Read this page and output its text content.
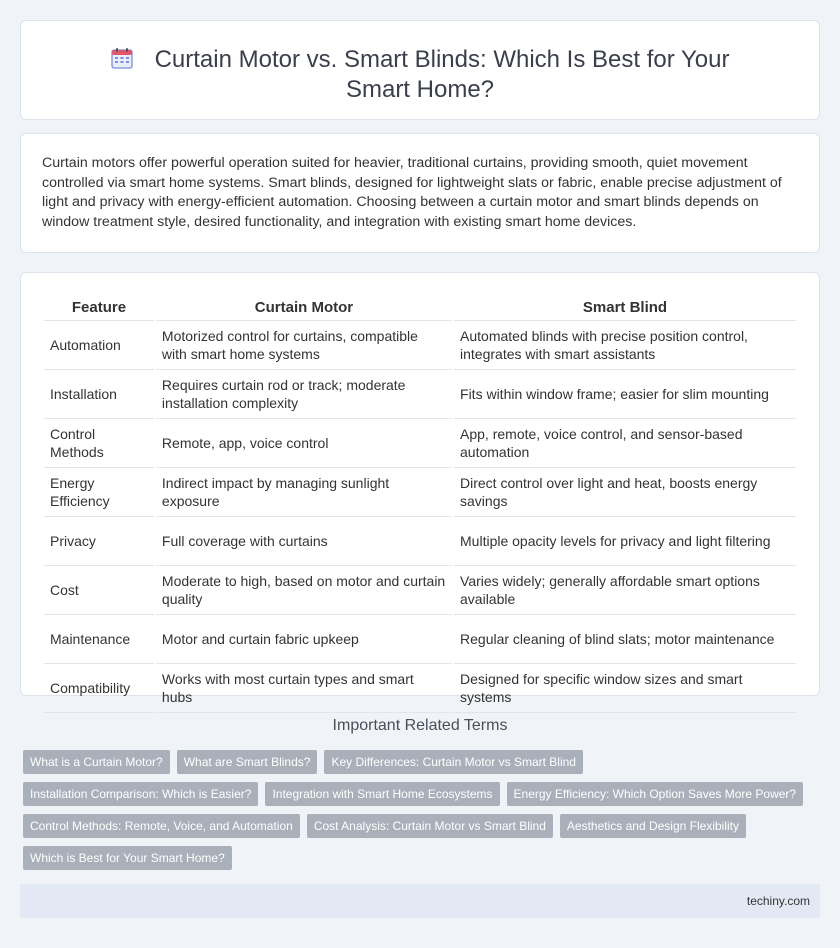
Curtain Motor vs. Smart Blinds: Which Is Best for Your Smart Home?

Curtain motors offer powerful operation suited for heavier, traditional curtains, providing smooth, quiet movement controlled via smart home systems. Smart blinds, designed for lightweight slats or fabric, enable precise adjustment of light and privacy with energy-efficient automation. Choosing between a curtain motor and smart blinds depends on window treatment style, desired functionality, and integration with existing smart home devices.

Feature	Curtain Motor	Smart Blind
Automation	Motorized control for curtains, compatible with smart home systems	Automated blinds with precise position control, integrates with smart assistants
Installation	Requires curtain rod or track; moderate installation complexity	Fits within window frame; easier for slim mounting
Control Methods	Remote, app, voice control	App, remote, voice control, and sensor-based automation
Energy Efficiency	Indirect impact by managing sunlight exposure	Direct control over light and heat, boosts energy savings
Privacy	Full coverage with curtains	Multiple opacity levels for privacy and light filtering
Cost	Moderate to high, based on motor and curtain quality	Varies widely; generally affordable smart options available
Maintenance	Motor and curtain fabric upkeep	Regular cleaning of blind slats; motor maintenance
Compatibility	Works with most curtain types and smart hubs	Designed for specific window sizes and smart systems
Important Related Terms
What is a Curtain Motor?	What are Smart Blinds?	Key Differences: Curtain Motor vs Smart Blind
Installation Comparison: Which is Easier?	Integration with Smart Home Ecosystems	Energy Efficiency: Which Option Saves More Power?
Control Methods: Remote, Voice, and Automation	Cost Analysis: Curtain Motor vs Smart Blind	Aesthetics and Design Flexibility
Which is Best for Your Smart Home?
techiny.com
